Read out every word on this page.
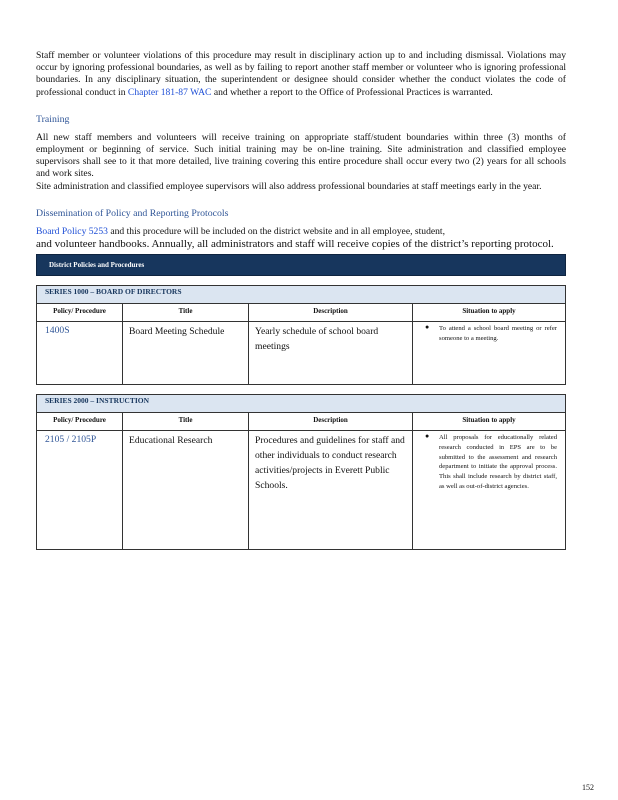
Staff member or volunteer violations of this procedure may result in disciplinary action up to and including dismissal. Violations may occur by ignoring professional boundaries, as well as by failing to report another staff member or volunteer who is ignoring professional boundaries. In any disciplinary situation, the superintendent or designee should consider whether the conduct violates the code of professional conduct in Chapter 181-87 WAC and whether a report to the Office of Professional Practices is warranted.

Training

All new staff members and volunteers will receive training on appropriate staff/student boundaries within three (3) months of employment or beginning of service. Such initial training may be on-line training. Site administration and classified employee supervisors shall see to it that more detailed, live training covering this entire procedure shall occur every two (2) years for all schools and work sites.

Site administration and classified employee supervisors will also address professional boundaries at staff meetings early in the year.

Dissemination of Policy and Reporting Protocols

Board Policy 5253 and this procedure will be included on the district website and in all employee, student,

and volunteer handbooks. Annually, all administrators and staff will receive copies of the district’s reporting protocol.

District Policies and Procedures
SERIES 1000 – BOARD OF DIRECTORS			
Policy/ Procedure	Title	Description	Situation to apply
1400S	Board Meeting Schedule	Yearly schedule of school board meetings	● To attend a school board meeting or refer someone to a meeting.
SERIES 2000 – INSTRUCTION			
Policy/ Procedure	Title	Description	Situation to apply
2105 / 2105P	Educational Research	Procedures and guidelines for staff and other individuals to conduct research activities/projects in Everett Public Schools.	● All proposals for educationally related research conducted in EPS are to be submitted to the assessment and research department to initiate the approval process. This shall include research by district staff, as well as out-of-district agencies.
152
